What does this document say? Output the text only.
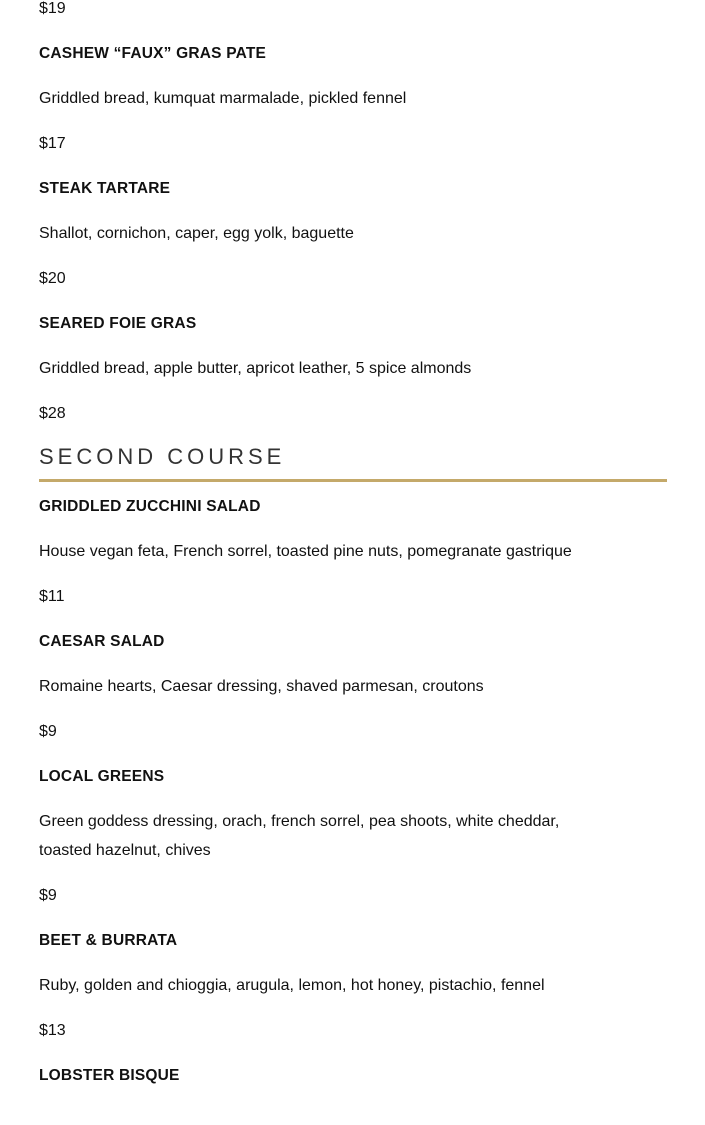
$19

CASHEW “FAUX” GRAS PATE

Griddled bread, kumquat marmalade, pickled fennel

$17

STEAK TARTARE

Shallot, cornichon, caper, egg yolk, baguette

$20

SEARED FOIE GRAS

Griddled bread, apple butter, apricot leather, 5 spice almonds

$28

SECOND COURSE

GRIDDLED ZUCCHINI SALAD

House vegan feta, French sorrel, toasted pine nuts, pomegranate gastrique

$11

CAESAR SALAD

Romaine hearts, Caesar dressing, shaved parmesan, croutons

$9

LOCAL GREENS

Green goddess dressing, orach, french sorrel, pea shoots, white cheddar,

toasted hazelnut, chives

$9

BEET & BURRATA

Ruby, golden and chioggia, arugula, lemon, hot honey, pistachio, fennel

$13

LOBSTER BISQUE
